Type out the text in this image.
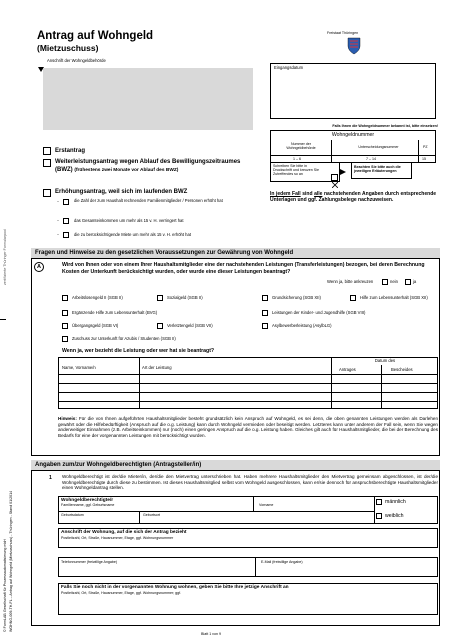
Antrag auf Wohngeld
(Mietzuschuss)
Freistaat Thüringen
Anschrift der Wohngeldbehörde
Eingangsdatum
Falls Ihnen die Wohngeldnummer bekannt ist, bitte einsetzen!
Wohngeldnummer
Nummer der Wohngeldbehörde	Unterscheidungsnummer	PZ
1 – 6	7 – 14	15
Erstantrag
Weiterleistungsantrag wegen Ablauf des Bewilligungszeitraumes (BWZ) (frühestens zwei Monate vor Ablauf des BWZ)
Erhöhungsantrag, weil sich im laufenden BWZ
–	die Zahl der zum Haushalt rechnenden Familienmitglieder / Personen erhöht hat
–	das Gesamteinkommen um mehr als 15 v. H. verringert hat
–	die zu berücksichtigende Miete um mehr als 15 v. H. erhöht hat
Schreiben Sie bitte in Druckschrift und kreuzen Sie Zutreffendes so an
Beachten Sie bitte auch die jeweiligen Erläuterungen
In jedem Fall sind alle nachstehenden Angaben durch entsprechende Unterlagen und ggf. Zahlungsbelege nachzuweisen.
Fragen und Hinweise zu den gesetzlichen Voraussetzungen zur Gewährung von Wohngeld
A	Wird von Ihnen oder von einem Ihrer Haushaltsmitglieder eine der nachstehenden Leistungen (Transferleistungen) bezogen, bei deren Berechnung Kosten der Unterkunft berücksichtigt wurden, oder wurde eine dieser Leistungen beantragt?
Wenn ja, bitte ankreuzen	nein	ja
Arbeitslosengeld II (SGB II)	Sozialgeld (SGB II)	Grundsicherung (SGB XII)	Hilfe zum Lebensunterhalt (SGB XII)
Ergänzende Hilfe zum Lebensunterhalt (BVG)	Leistungen der Kinder- und Jugendhilfe (SGB VIII)
Übergangsgeld (SGB VI)	Verletztengeld (SGB VII)	Asylbewerberleistung (AsylbLG)
Zuschuss zur Unterkunft für Azubis / Studenten (SGB II)
Wenn ja, wer bezieht die Leistung oder wer hat sie beantragt?
Name, Vorname/n	Art der Leistung
Datum des
Antrages	Bescheides
Hinweis: Für die von Ihnen aufgeführten Haushaltsmitglieder besteht grundsätzlich kein Anspruch auf Wohngeld, es sei denn, die oben genannten Leistungen werden als Darlehen gewährt oder die Hilfebedürftigkeit (Anspruch auf die o.g. Leistung) kann durch Wohngeld vermieden oder beseitigt werden. Letzteres kann unter anderem der Fall sein, wenn Sie wegen anderweitiger Einnahmen (z.B. Arbeitseinkommen) nur (noch) einen geringen Anspruch auf die o.g. Leistung haben. Gleiches gilt auch für Haushaltsmitglieder, die bei der Berechnung des Bedarfs für eine der vorgenannten Leistungen mit berücksichtigt wurden.
Angaben zum/zur Wohngeldberechtigten (Antragsteller/in)
1 Wohngeldberechtigt ist der/die Mieter/in, der/die den Mietvertrag unterschrieben hat. Haben mehrere Haushaltsmitglieder den Mietvertrag gemeinsam abgeschlossen, ist der/die Wohngeldberechtigte durch diese zu bestimmen. Ist dieses Haushaltsmitglied selbst vom Wohngeld ausgeschlossen, kann er/sie dennoch für anspruchsberechtigte Haushaltsmitglieder einen Wohngeldantrag stellen.
Wohngeldberechtigte/r
Familienname, ggf. Geburtsname	Vorname
Geburtsdatum	Geburtsort
männlich
weiblich
Anschrift der Wohnung, auf die sich der Antrag bezieht
Postleitzahl, Ort, Straße, Hausnummer, Etage, ggf. Wohnungsnummer
Telefonnummer (freiwillige Angabe)	E-Mail (freiwillige Angabe)
Falls Sie noch nicht in der vorgenannten Wohnung wohnen, geben Sie bitte Ihre jetzige Anschrift an
Postleitzahl, Ort, Straße, Hausnummer, Etage, ggf. Wohnungsnummer; ggf.
Blatt 1 von 9
zertifizierte Thüringer Formularpool
© FormLAB Gesellschaft für Prozessautomatisierung mbH WOHNG-009-TH-FL – Antrag auf Wohngeld (Mietzuschuss) - Thüringen - Stand 01/2014
